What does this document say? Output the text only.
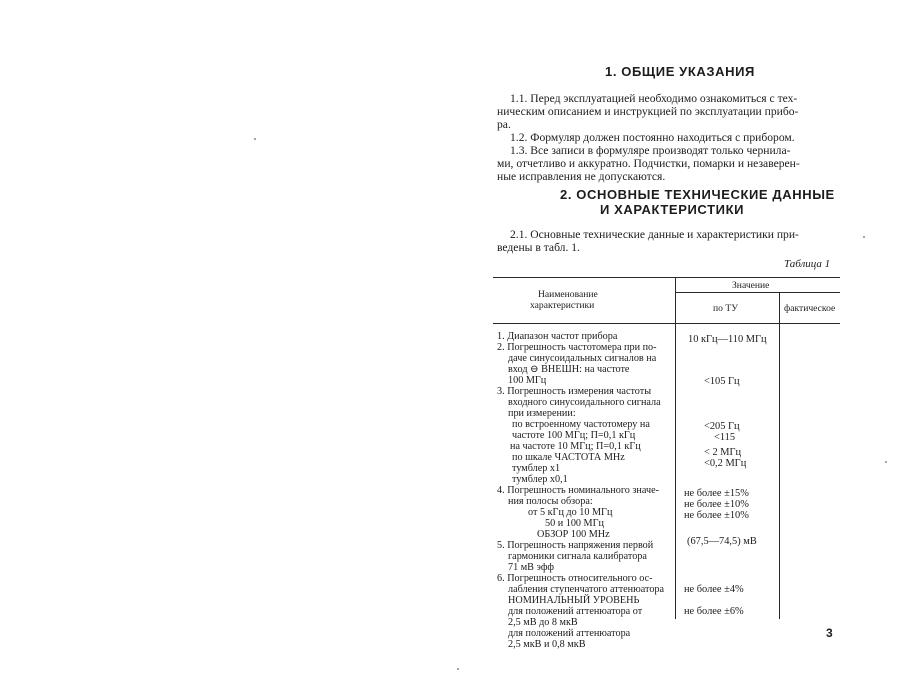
1. ОБЩИЕ УКАЗАНИЯ
1.1. Перед эксплуатацией необходимо ознакомиться с тех-
ническим описанием и инструкцией по эксплуатации прибо-
ра.
1.2. Формуляр должен постоянно находиться с прибором.
1.3. Все записи в формуляре производят только чернила-
ми, отчетливо и аккуратно. Подчистки, помарки и незаверен-
ные исправления не допускаются.
2. ОСНОВНЫЕ ТЕХНИЧЕСКИЕ ДАННЫЕ
И ХАРАКТЕРИСТИКИ
2.1. Основные технические данные и характеристики при-
ведены в табл. 1.
Таблица 1
Наименование
характеристики
Значение
по ТУ	фактическое
1. Диапазон частот прибора
2. Погрешность частотомера при по-
даче синусоидальных сигналов на
вход ⊖ ВНЕШН: на частоте
100 МГц
3. Погрешность измерения частоты
входного синусоидального сигнала
при измерении:
по встроенному частотомеру на
частоте 100 МГц; П=0,1 кГц
на частоте 10 МГц; П=0,1 кГц
по шкале ЧАСТОТА MHz
тумблер x1
тумблер x0,1
4. Погрешность номинального значе-
ния полосы обзора:
от 5 кГц до 10 МГц
50 и 100 МГц
ОБЗОР 100 MHz
5. Погрешность напряжения первой
гармоники сигнала калибратора
71 мВ эфф
6. Погрешность относительного ос-
лабления ступенчатого аттенюатора
НОМИНАЛЬНЫЙ УРОВЕНЬ
для положений аттенюатора от
2,5 мВ до 8 мкВ
для положений аттенюатора
2,5 мкВ и 0,8 мкВ
10 кГц—110 МГц
<105 Гц
<205 Гц
<115
< 2 МГц
<0,2 МГц
не более ±15%
не более ±10%
не более ±10%
(67,5—74,5) мВ
не более ±4%
не более ±6%
3
